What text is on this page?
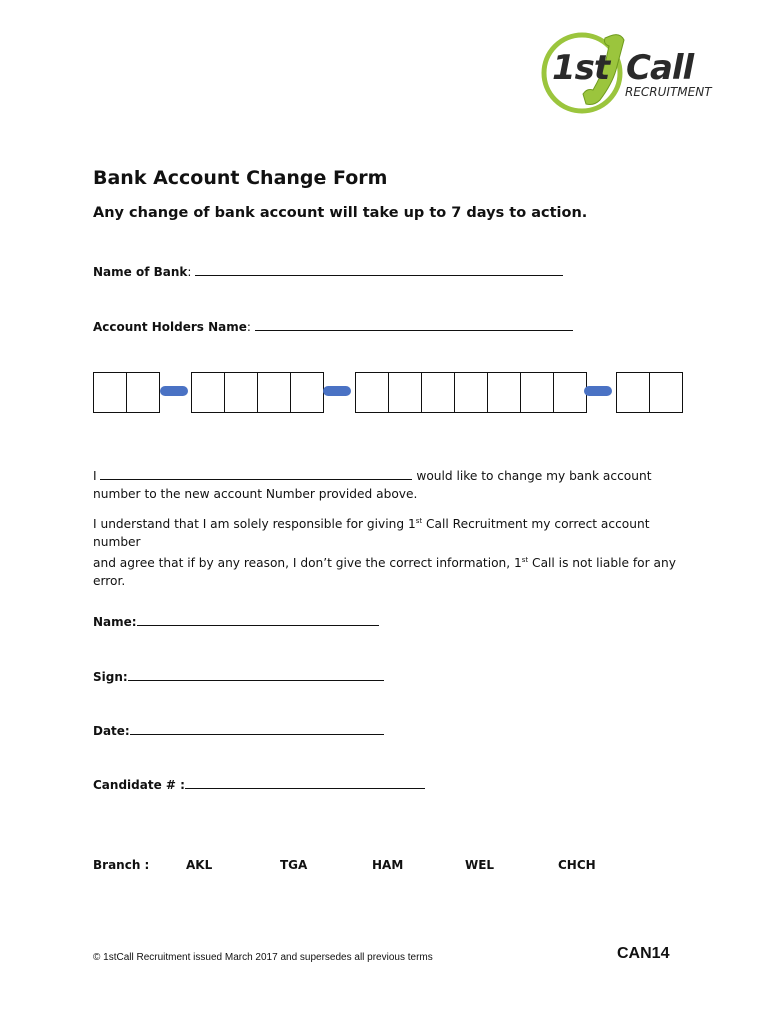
1st Call
RECRUITMENT
Bank Account Change Form
Any change of bank account will take up to 7 days to action.
Name of Bank:
Account Holders Name:
I	would like to change my bank account
number to the new account Number provided above.
I understand that I am solely responsible for giving 1st Call Recruitment my correct account number
and agree that if by any reason, I don’t give the correct information, 1st Call is not liable for any error.
Name:
Sign:
Date:
Candidate # :
Branch :	AKL	TGA	HAM	WEL	CHCH
© 1stCall Recruitment issued March 2017 and supersedes all previous terms	CAN14
